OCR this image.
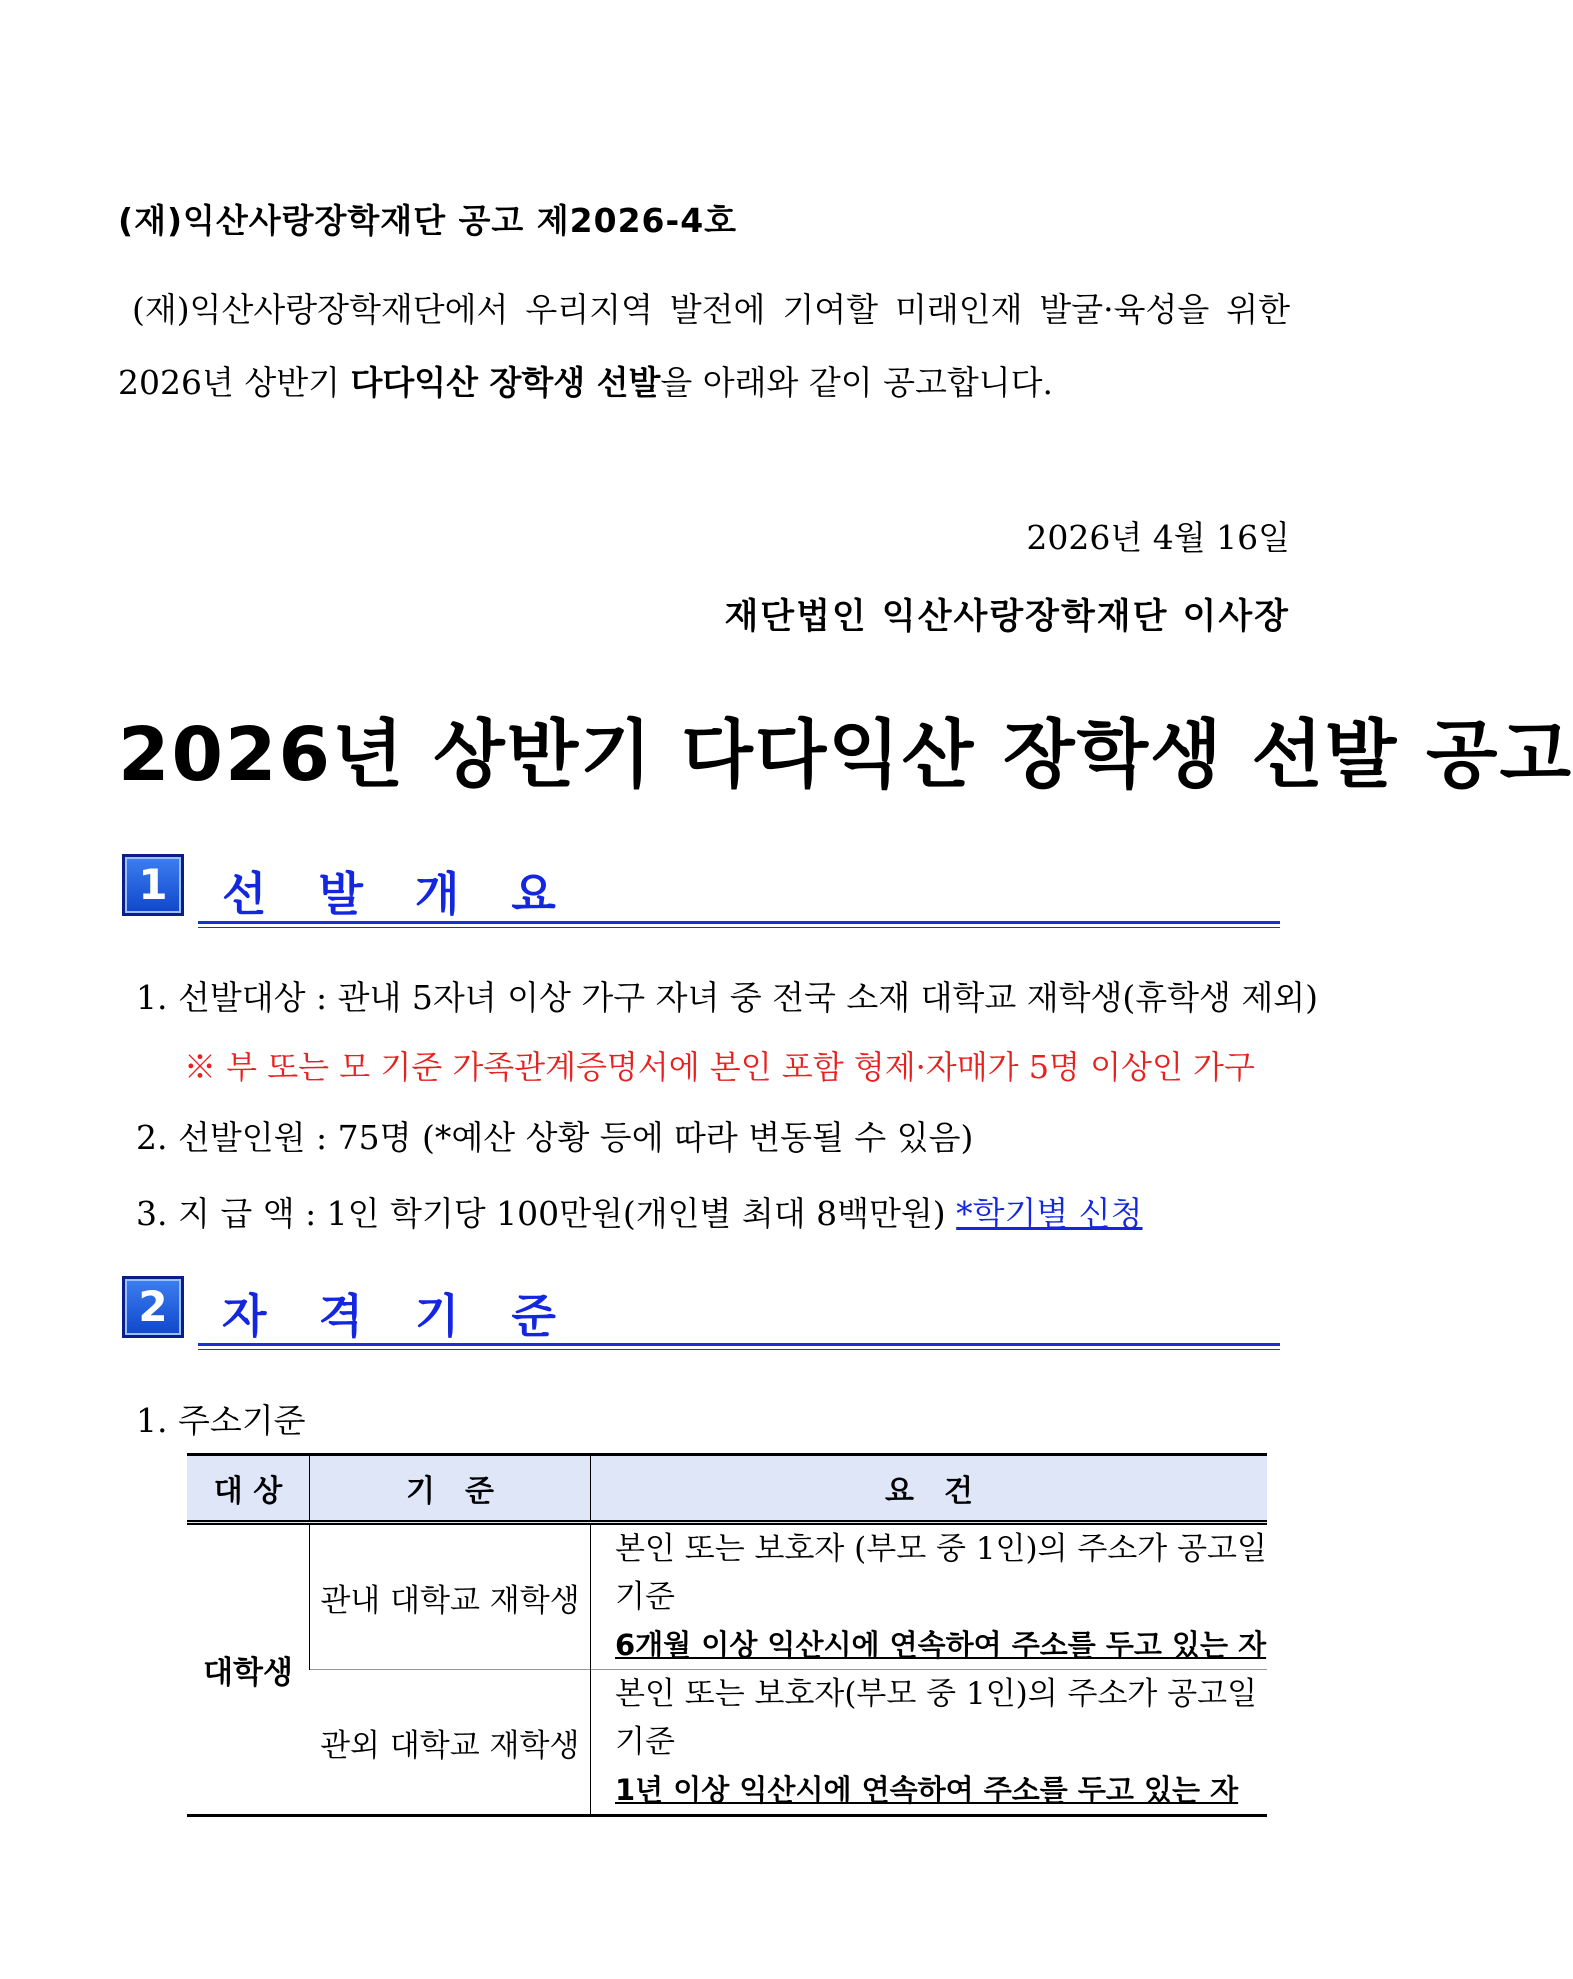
(재)익산사랑장학재단 공고 제2026-4호
(재)익산사랑장학재단에서 우리지역 발전에 기여할 미래인재 발굴·육성을 위한
2026년 상반기 다다익산 장학생 선발을 아래와 같이 공고합니다.
2026년 4월 16일
재단법인 익산사랑장학재단 이사장
2026년 상반기 다다익산 장학생 선발 공고
1	선 발 개 요
1. 선발대상 : 관내 5자녀 이상 가구 자녀 중 전국 소재 대학교 재학생(휴학생 제외)
※ 부 또는 모 기준 가족관계증명서에 본인 포함 형제·자매가 5명 이상인 가구
2. 선발인원 : 75명 (*예산 상황 등에 따라 변동될 수 있음)
3. 지 급 액 : 1인 학기당 100만원(개인별 최대 8백만원) *학기별 신청
2	자 격 기 준
1. 주소기준
대 상	기　준	요　건
대학생	관내 대학교 재학생	본인 또는 보호자 (부모 중 1인)의 주소가 공고일 기준
6개월 이상 익산시에 연속하여 주소를 두고 있는 자

	관외 대학교 재학생	본인 또는 보호자(부모 중 1인)의 주소가 공고일 기준
1년 이상 익산시에 연속하여 주소를 두고 있는 자
